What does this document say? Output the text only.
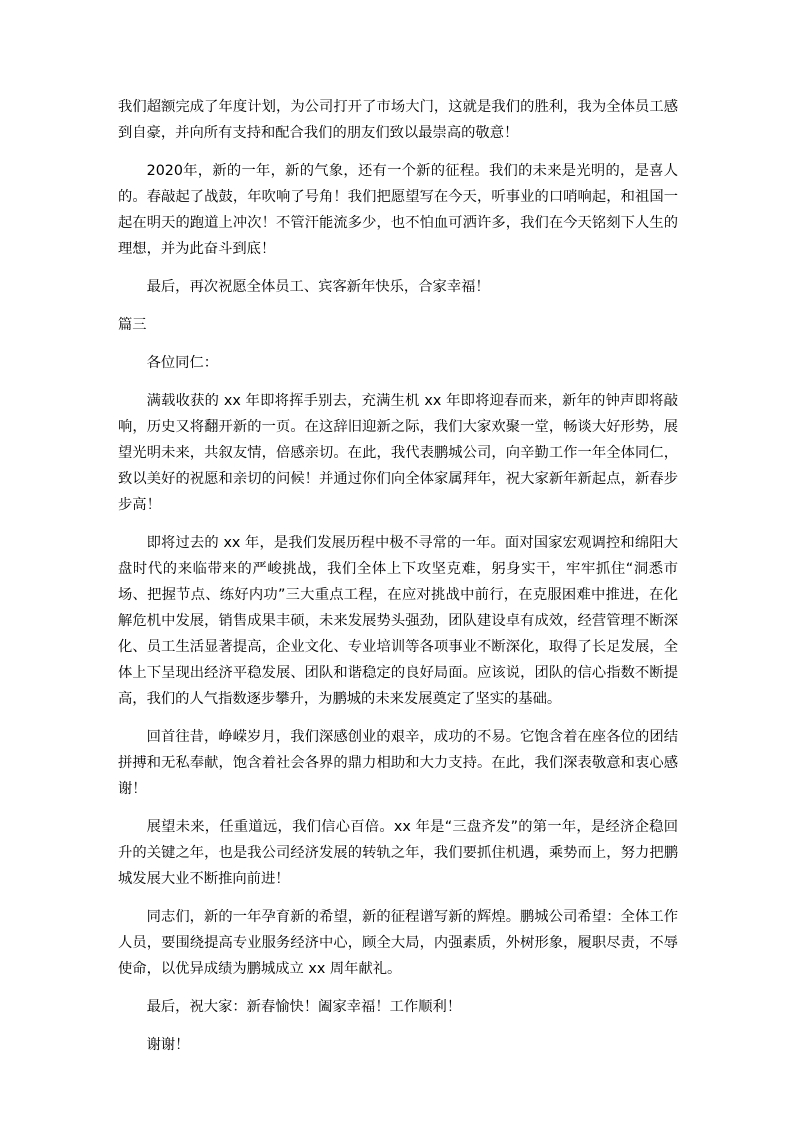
我们超额完成了年度计划，为公司打开了市场大门，这就是我们的胜利，我为全体员工感到自豪，并向所有支持和配合我们的朋友们致以最崇高的敬意！

2020年，新的一年，新的气象，还有一个新的征程。我们的未来是光明的，是喜人的。春敲起了战鼓，年吹响了号角！我们把愿望写在今天，听事业的口哨响起，和祖国一起在明天的跑道上冲次！不管汗能流多少，也不怕血可洒许多，我们在今天铭刻下人生的理想，并为此奋斗到底！

最后，再次祝愿全体员工、宾客新年快乐，合家幸福！

篇三

各位同仁：

满载收获的 xx 年即将挥手别去，充满生机 xx 年即将迎春而来，新年的钟声即将敲响，历史又将翻开新的一页。在这辞旧迎新之际，我们大家欢聚一堂，畅谈大好形势，展望光明未来，共叙友情，倍感亲切。在此，我代表鹏城公司，向辛勤工作一年全体同仁，致以美好的祝愿和亲切的问候！并通过你们向全体家属拜年，祝大家新年新起点，新春步步高！

即将过去的 xx 年，是我们发展历程中极不寻常的一年。面对国家宏观调控和绵阳大盘时代的来临带来的严峻挑战，我们全体上下攻坚克难，躬身实干，牢牢抓住“洞悉市场、把握节点、练好内功”三大重点工程，在应对挑战中前行，在克服困难中推进，在化解危机中发展，销售成果丰硕，未来发展势头强劲，团队建设卓有成效，经营管理不断深化、员工生活显著提高，企业文化、专业培训等各项事业不断深化，取得了长足发展，全体上下呈现出经济平稳发展、团队和谐稳定的良好局面。应该说，团队的信心指数不断提高，我们的人气指数逐步攀升，为鹏城的未来发展奠定了坚实的基础。

回首往昔，峥嵘岁月，我们深感创业的艰辛，成功的不易。它饱含着在座各位的团结拼搏和无私奉献，饱含着社会各界的鼎力相助和大力支持。在此，我们深表敬意和衷心感谢！

展望未来，任重道远，我们信心百倍。xx 年是“三盘齐发”的第一年，是经济企稳回升的关键之年，也是我公司经济发展的转轨之年，我们要抓住机遇，乘势而上，努力把鹏城发展大业不断推向前进！

同志们，新的一年孕育新的希望，新的征程谱写新的辉煌。鹏城公司希望：全体工作人员，要围绕提高专业服务经济中心，顾全大局，内强素质，外树形象，履职尽责，不辱使命，以优异成绩为鹏城成立 xx 周年献礼。

最后，祝大家：新春愉快！阖家幸福！工作顺利！

谢谢！
